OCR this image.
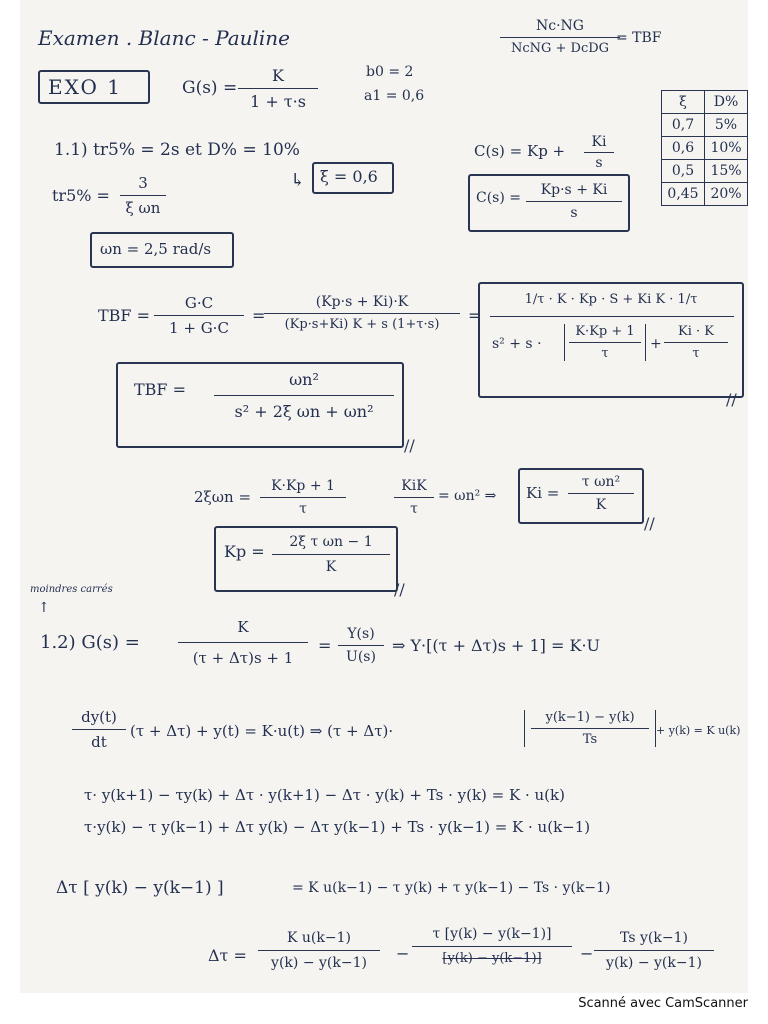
Examen . Blanc - Pauline	Nc·NG
NcNG + DcDG
= TBF
EXO 1	G(s) =
K
1 + τ·s
b0 = 2
a1 = 0,6	ξ	D%
0,7	5%
0,6	10%
0,5	15%
0,45	20%
1.1) tr5% = 2s et D% = 10%
↳ ξ = 0,6
tr5% =
3
ξ ωn
ωn = 2,5 rad/s
C(s) = Kp +	Ki
s
C(s) =	Kp·s + Ki
s
TBF =
G·C
1 + G·C
=
(Kp·s + Ki)·K
(Kp·s+Ki) K + s (1+τ·s)	=
1/τ · K · Kp · S + Ki K · 1/τ
s² + s ·
K·Kp + 1
τ
+
Ki · K
τ
//
TBF =
ωn²
s² + 2ξ ωn + ωn²
//
2ξωn =
K·Kp + 1
τ
KiK
τ
= ωn² ⇒ Ki =
τ ωn²
K
//
Kp =	2ξ τ ωn − 1
K
//
moindres carrés
↑
1.2) G(s) =
K
(τ + Δτ)s + 1
=
Y(s)
U(s)
⇒ Y·[(τ + Δτ)s + 1] = K·U
dy(t)
dt
(τ + Δτ) + y(t) = K·u(t) ⇒ (τ + Δτ)·
y(k−1) − y(k)
Ts
+ y(k) = K u(k)
τ· y(k+1) − τy(k) + Δτ · y(k+1) − Δτ · y(k) + Ts · y(k) = K · u(k)
τ·y(k) − τ y(k−1) + Δτ y(k) − Δτ y(k−1) + Ts · y(k−1) = K · u(k−1)
Δτ [ y(k) − y(k−1) ]	= K u(k−1) − τ y(k) + τ y(k−1) − Ts · y(k−1)
Δτ =
K u(k−1)
y(k) − y(k−1)	−
τ [y(k) − y(k−1)]
[y(k) − y(k−1)]	−
Ts y(k−1)
y(k) − y(k−1)
Scanné avec CamScanner
